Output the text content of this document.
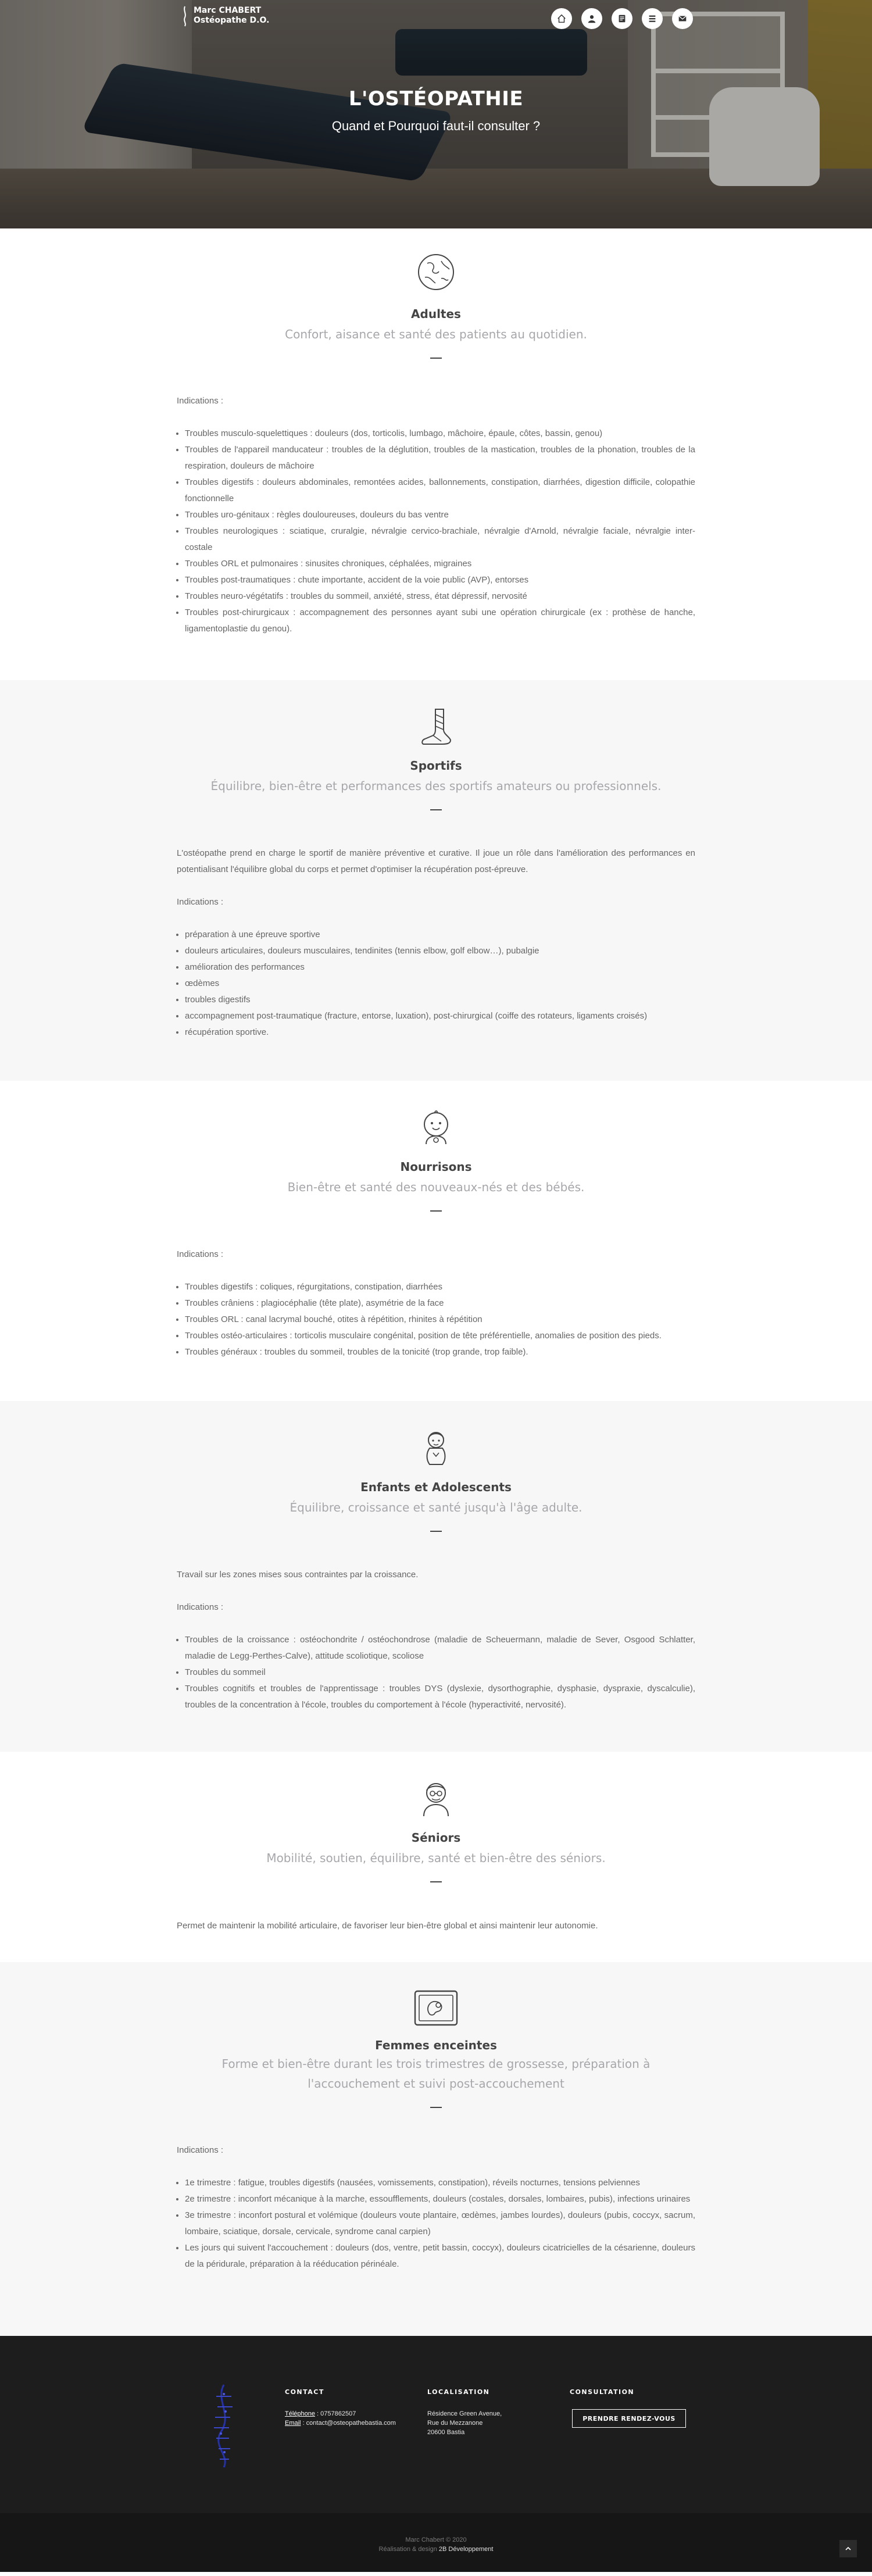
Marc CHABERT
Ostéopathe D.O.
L'OSTÉOPATHIE
Quand et Pourquoi faut-il consulter ?
Adultes
Confort, aisance et santé des patients au quotidien.

Indications :

• Troubles musculo-squelettiques : douleurs (dos, torticolis, lumbago, mâchoire, épaule, côtes, bassin, genou)
• Troubles de l'appareil manducateur : troubles de la déglutition, troubles de la mastication, troubles de la phonation, troubles de la respiration, douleurs de mâchoire
• Troubles digestifs : douleurs abdominales, remontées acides, ballonnements, constipation, diarrhées, digestion difficile, colopathie fonctionnelle
• Troubles uro-génitaux : règles douloureuses, douleurs du bas ventre
• Troubles neurologiques : sciatique, cruralgie, névralgie cervico-brachiale, névralgie d'Arnold, névralgie faciale, névralgie inter-costale
• Troubles ORL et pulmonaires : sinusites chroniques, céphalées, migraines
• Troubles post-traumatiques : chute importante, accident de la voie public (AVP), entorses
• Troubles neuro-végétatifs : troubles du sommeil, anxiété, stress, état dépressif, nervosité
• Troubles post-chirurgicaux : accompagnement des personnes ayant subi une opération chirurgicale (ex : prothèse de hanche, ligamentoplastie du genou).
Sportifs
Équilibre, bien-être et performances des sportifs amateurs ou professionnels.

L'ostéopathe prend en charge le sportif de manière préventive et curative. Il joue un rôle dans l'amélioration des performances en potentialisant l'équilibre global du corps et permet d'optimiser la récupération post-épreuve.

Indications :

• préparation à une épreuve sportive
• douleurs articulaires, douleurs musculaires, tendinites (tennis elbow, golf elbow…), pubalgie
• amélioration des performances
• œdèmes
• troubles digestifs
• accompagnement post-traumatique (fracture, entorse, luxation), post-chirurgical (coiffe des rotateurs, ligaments croisés)
• récupération sportive.
Nourrisons
Bien-être et santé des nouveaux-nés et des bébés.

Indications :

• Troubles digestifs : coliques, régurgitations, constipation, diarrhées
• Troubles crâniens : plagiocéphalie (tête plate), asymétrie de la face
• Troubles ORL : canal lacrymal bouché, otites à répétition, rhinites à répétition
• Troubles ostéo-articulaires : torticolis musculaire congénital, position de tête préférentielle, anomalies de position des pieds.
• Troubles généraux : troubles du sommeil, troubles de la tonicité (trop grande, trop faible).
Enfants et Adolescents
Équilibre, croissance et santé jusqu'à l'âge adulte.

Travail sur les zones mises sous contraintes par la croissance.

Indications :

• Troubles de la croissance : ostéochondrite / ostéochondrose (maladie de Scheuermann, maladie de Sever, Osgood Schlatter, maladie de Legg-Perthes-Calve), attitude scoliotique, scoliose
• Troubles du sommeil
• Troubles cognitifs et troubles de l'apprentissage : troubles DYS (dyslexie, dysorthographie, dysphasie, dyspraxie, dyscalculie), troubles de la concentration à l'école, troubles du comportement à l'école (hyperactivité, nervosité).
Séniors
Mobilité, soutien, équilibre, santé et bien-être des séniors.

Permet de maintenir la mobilité articulaire, de favoriser leur bien-être global et ainsi maintenir leur autonomie.

Femmes enceintes
Forme et bien-être durant les trois trimestres de grossesse, préparation à l'accouchement et suivi post-accouchement

Indications :

• 1e trimestre : fatigue, troubles digestifs (nausées, vomissements, constipation), réveils nocturnes, tensions pelviennes
• 2e trimestre : inconfort mécanique à la marche, essoufflements, douleurs (costales, dorsales, lombaires, pubis), infections urinaires
• 3e trimestre : inconfort postural et volémique (douleurs voute plantaire, œdèmes, jambes lourdes), douleurs (pubis, coccyx, sacrum, lombaire, sciatique, dorsale, cervicale, syndrome canal carpien)
• Les jours qui suivent l'accouchement : douleurs (dos, ventre, petit bassin, coccyx), douleurs cicatricielles de la césarienne, douleurs de la péridurale, préparation à la rééducation périnéale.
CONTACT
Téléphone : 0757862507
Email : contact@osteopathebastia.com
LOCALISATION
Résidence Green Avenue,
Rue du Mezzanone
20600 Bastia
CONSULTATION
PRENDRE RENDEZ-VOUS
Marc Chabert © 2020
Réalisation & design 2B Développement
